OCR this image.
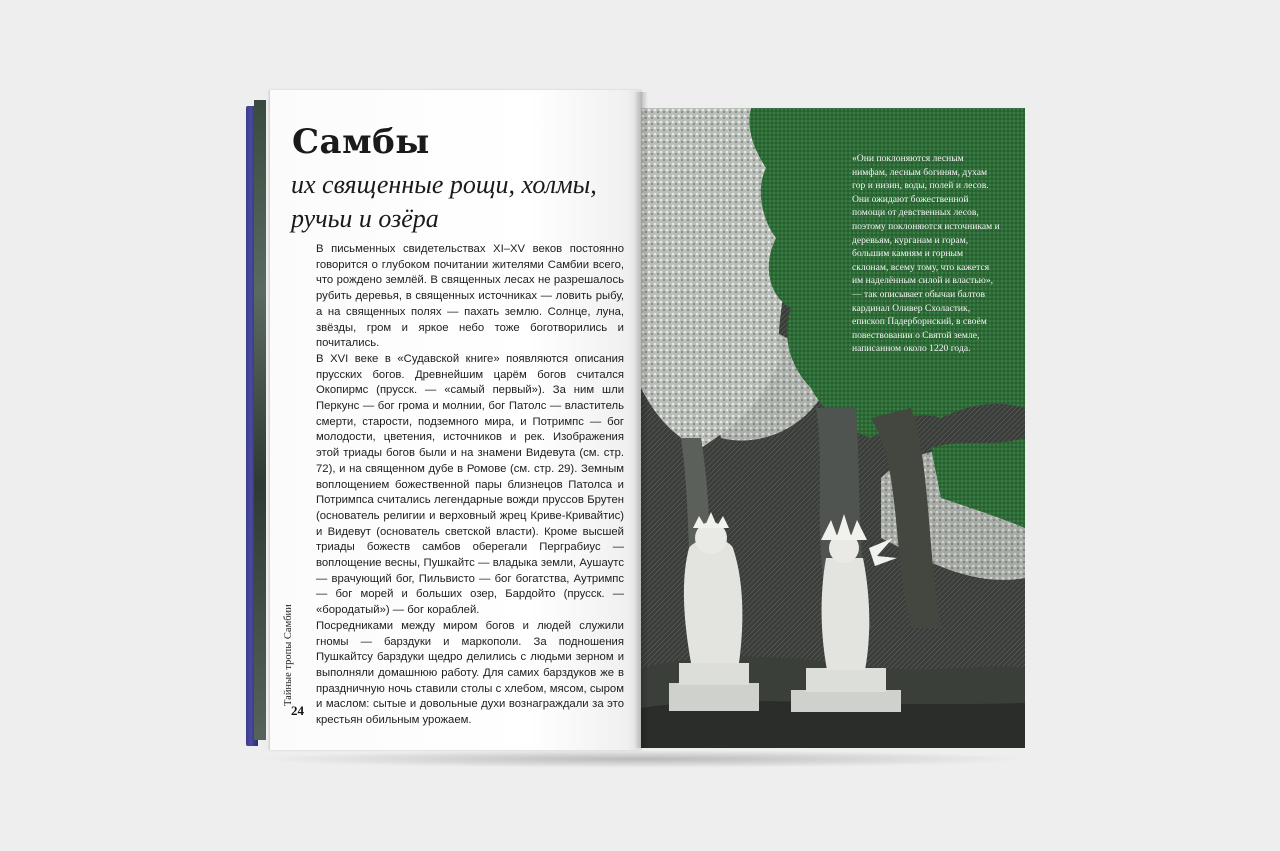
Самбы
их священные рощи, холмы, ручьи и озёра

В письменных свидетельствах XI–XV веков постоянно говорится о глубоком почитании жителями Самбии всего, что рождено землёй. В священных лесах не разрешалось рубить деревья, в священных источниках — ловить рыбу, а на священных полях — пахать землю. Солнце, луна, звёзды, гром и яркое небо тоже боготворились и почитались.

В XVI веке в «Судавской книге» появляются описания прусских богов. Древнейшим царём богов считался Окопирмс (прусск. — «самый первый»). За ним шли Перкунс — бог грома и молнии, бог Патолс — властитель смерти, старости, подземного мира, и Потримпс — бог молодости, цветения, источников и рек. Изображения этой триады богов были и на знамени Видевута (см. стр. 72), и на священном дубе в Ромове (см. стр. 29). Земным воплощением божественной пары близнецов Патолса и Потримпса считались легендарные вожди пруссов Брутен (основатель религии и верховный жрец Криве-Кривайтис) и Видевут (основатель светской власти). Кроме высшей триады божеств самбов оберегали Перграбиус — воплощение весны, Пушкайтс — владыка земли, Аушаутс — врачующий бог, Пильвисто — бог богатства, Аутримпс — бог морей и больших озер, Бардойто (прусск. — «бородатый») — бог кораблей.

Посредниками между миром богов и людей служили гномы — барздуки и маркополи. За подношения Пушкайтсу барздуки щедро делились с людьми зерном и выполняли домашнюю работу. Для самих барздуков же в праздничную ночь ставили столы с хлебом, мясом, сыром и маслом: сытые и довольные духи вознаграждали за это крестьян обильным урожаем.

Тайные тропы Самбии
24

«Они поклоняются лесным нимфам, лесным богиням, духам гор и низин, воды, полей и лесов. Они ожидают божественной помощи от девственных лесов, поэтому поклоняются источникам и деревьям, курганам и горам, большим камням и горным склонам, всему тому, что кажется им наделённым силой и властью», — так описывает обычаи балтов кардинал Оливер Схоластик, епископ Падерборнский, в своём повествовании о Святой земле, написанном около 1220 года.
